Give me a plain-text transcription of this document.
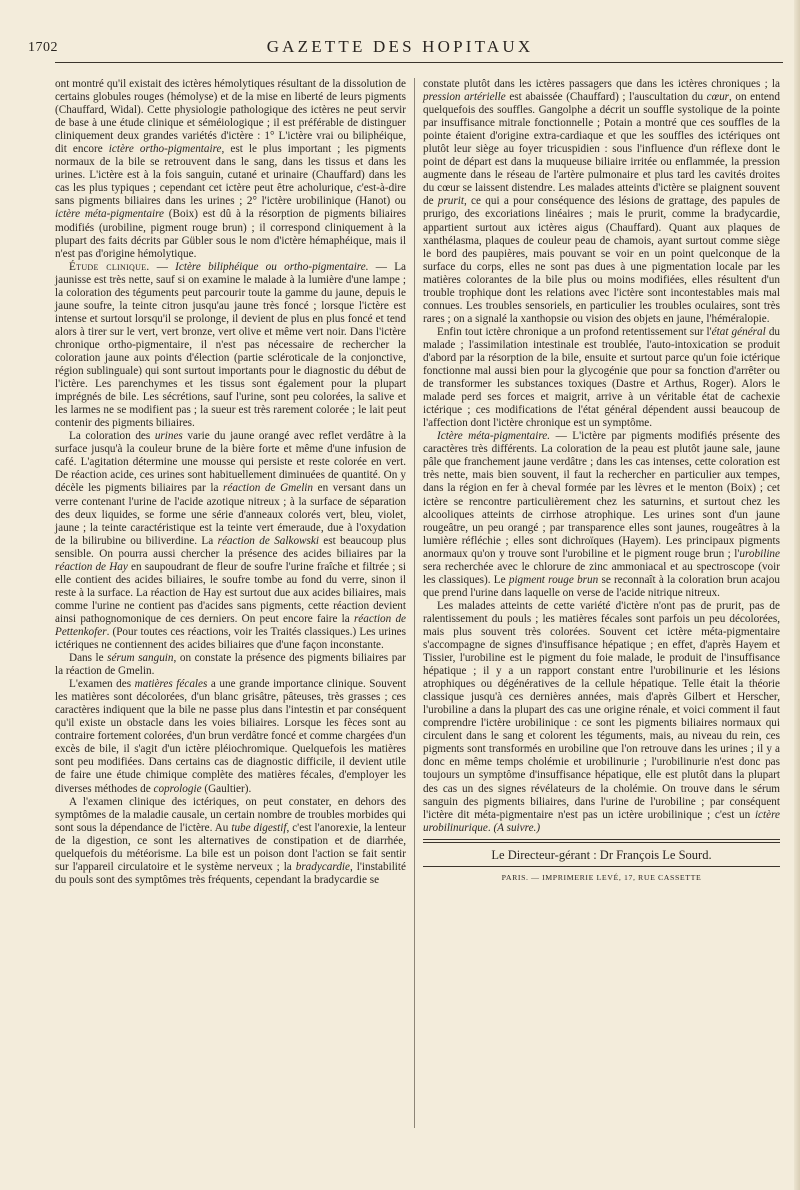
1702	GAZETTE DES HOPITAUX

ont montré qu'il existait des ictères hémolytiques résultant de la dissolution de certains globules rouges (hémolyse) et de la mise en liberté de leurs pigments (Chauffard, Widal). Cette physiologie pathologique des ictères ne peut servir de base à une étude clinique et séméiologique ; il est préférable de distinguer cliniquement deux grandes variétés d'ictère : 1° L'ictère vrai ou biliphéique, dit encore ictère ortho-pigmentaire, est le plus important ; les pigments normaux de la bile se retrouvent dans le sang, dans les tissus et dans les urines. L'ictère est à la fois sanguin, cutané et urinaire (Chauffard) dans les cas les plus typiques ; cependant cet ictère peut être acholurique, c'est-à-dire sans pigments biliaires dans les urines ; 2° l'ictère urobilinique (Hanot) ou ictère méta-pigmentaire (Boix) est dû à la résorption de pigments biliaires modifiés (urobiline, pigment rouge brun) ; il correspond cliniquement à la plupart des faits décrits par Gübler sous le nom d'ictère hémaphéique, mais il n'est pas d'origine hémolytique.

Étude clinique. — Ictère biliphéique ou ortho-pigmentaire. — La jaunisse est très nette, sauf si on examine le malade à la lumière d'une lampe ; la coloration des téguments peut parcourir toute la gamme du jaune, depuis le jaune soufre, la teinte citron jusqu'au jaune très foncé ; lorsque l'ictère est intense et surtout lorsqu'il se prolonge, il devient de plus en plus foncé et tend alors à tirer sur le vert, vert bronze, vert olive et même vert noir. Dans l'ictère chronique ortho-pigmentaire, il n'est pas nécessaire de rechercher la coloration jaune aux points d'élection (partie scléroticale de la conjonctive, région sublinguale) qui sont surtout importants pour le diagnostic du début de l'ictère. Les parenchymes et les tissus sont également pour la plupart imprégnés de bile. Les sécrétions, sauf l'urine, sont peu colorées, la salive et les larmes ne se modifient pas ; la sueur est très rarement colorée ; le lait peut contenir des pigments biliaires.

La coloration des urines varie du jaune orangé avec reflet verdâtre à la surface jusqu'à la couleur brune de la bière forte et même d'une infusion de café. L'agitation détermine une mousse qui persiste et reste colorée en vert. De réaction acide, ces urines sont habituellement diminuées de quantité. On y décèle les pigments biliaires par la réaction de Gmelin en versant dans un verre contenant l'urine de l'acide azotique nitreux ; à la surface de séparation des deux liquides, se forme une série d'anneaux colorés vert, bleu, violet, jaune ; la teinte caractéristique est la teinte vert émeraude, due à l'oxydation de la bilirubine ou biliverdine. La réaction de Salkowski est beaucoup plus sensible. On pourra aussi chercher la présence des acides biliaires par la réaction de Hay en saupoudrant de fleur de soufre l'urine fraîche et filtrée ; si elle contient des acides biliaires, le soufre tombe au fond du verre, sinon il reste à la surface. La réaction de Hay est surtout due aux acides biliaires, mais comme l'urine ne contient pas d'acides sans pigments, cette réaction devient ainsi pathognomonique de ces derniers. On peut encore faire la réaction de Pettenkofer. (Pour toutes ces réactions, voir les Traités classiques.) Les urines ictériques ne contiennent des acides biliaires que d'une façon inconstante.

Dans le sérum sanguin, on constate la présence des pigments biliaires par la réaction de Gmelin.

L'examen des matières fécales a une grande importance clinique. Souvent les matières sont décolorées, d'un blanc grisâtre, pâteuses, très grasses ; ces caractères indiquent que la bile ne passe plus dans l'intestin et par conséquent qu'il existe un obstacle dans les voies biliaires. Lorsque les fèces sont au contraire fortement colorées, d'un brun verdâtre foncé et comme chargées d'un excès de bile, il s'agit d'un ictère pléiochromique. Quelquefois les matières sont peu modifiées. Dans certains cas de diagnostic difficile, il devient utile de faire une étude chimique complète des matières fécales, d'employer les diverses méthodes de coprologie (Gaultier).

A l'examen clinique des ictériques, on peut constater, en dehors des symptômes de la maladie causale, un certain nombre de troubles morbides qui sont sous la dépendance de l'ictère. Au tube digestif, c'est l'anorexie, la lenteur de la digestion, ce sont les alternatives de constipation et de diarrhée, quelquefois du météorisme. La bile est un poison dont l'action se fait sentir sur l'appareil circulatoire et le système nerveux ; la bradycardie, l'instabilité du pouls sont des symptômes très fréquents, cependant la bradycardie se

constate plutôt dans les ictères passagers que dans les ictères chroniques ; la pression artérielle est abaissée (Chauffard) ; l'auscultation du cœur, on entend quelquefois des souffles. Gangolphe a décrit un souffle systolique de la pointe par insuffisance mitrale fonctionnelle ; Potain a montré que ces souffles de la pointe étaient d'origine extra-cardiaque et que les souffles des ictériques ont plutôt leur siège au foyer tricuspidien : sous l'influence d'un réflexe dont le point de départ est dans la muqueuse biliaire irritée ou enflammée, la pression augmente dans le réseau de l'artère pulmonaire et plus tard les cavités droites du cœur se laissent distendre. Les malades atteints d'ictère se plaignent souvent de prurit, ce qui a pour conséquence des lésions de grattage, des papules de prurigo, des excoriations linéaires ; mais le prurit, comme la bradycardie, appartient surtout aux ictères aigus (Chauffard). Quant aux plaques de xanthélasma, plaques de couleur peau de chamois, ayant surtout comme siège le bord des paupières, mais pouvant se voir en un point quelconque de la surface du corps, elles ne sont pas dues à une pigmentation locale par les matières colorantes de la bile plus ou moins modifiées, elles résultent d'un trouble trophique dont les relations avec l'ictère sont incontestables mais mal connues. Les troubles sensoriels, en particulier les troubles oculaires, sont très rares ; on a signalé la xanthopsie ou vision des objets en jaune, l'héméralopie.

Enfin tout ictère chronique a un profond retentissement sur l'état général du malade ; l'assimilation intestinale est troublée, l'auto-intoxication se produit d'abord par la résorption de la bile, ensuite et surtout parce qu'un foie ictérique fonctionne mal aussi bien pour la glycogénie que pour sa fonction d'arrêter ou de transformer les substances toxiques (Dastre et Arthus, Roger). Alors le malade perd ses forces et maigrit, arrive à un véritable état de cachexie ictérique ; ces modifications de l'état général dépendent aussi beaucoup de l'affection dont l'ictère chronique est un symptôme.

Ictère méta-pigmentaire. — L'ictère par pigments modifiés présente des caractères très différents. La coloration de la peau est plutôt jaune sale, jaune pâle que franchement jaune verdâtre ; dans les cas intenses, cette coloration est très nette, mais bien souvent, il faut la rechercher en particulier aux tempes, dans la région en fer à cheval formée par les lèvres et le menton (Boix) ; cet ictère se rencontre particulièrement chez les saturnins, et surtout chez les alcooliques atteints de cirrhose atrophique. Les urines sont d'un jaune rougeâtre, un peu orangé ; par transparence elles sont jaunes, rougeâtres à la lumière réfléchie ; elles sont dichroïques (Hayem). Les principaux pigments anormaux qu'on y trouve sont l'urobiline et le pigment rouge brun ; l'urobiline sera recherchée avec le chlorure de zinc ammoniacal et au spectroscope (voir les classiques). Le pigment rouge brun se reconnaît à la coloration brun acajou que prend l'urine dans laquelle on verse de l'acide nitrique nitreux.

Les malades atteints de cette variété d'ictère n'ont pas de prurit, pas de ralentissement du pouls ; les matières fécales sont parfois un peu décolorées, mais plus souvent très colorées. Souvent cet ictère méta-pigmentaire s'accompagne de signes d'insuffisance hépatique ; en effet, d'après Hayem et Tissier, l'urobiline est le pigment du foie malade, le produit de l'insuffisance hépatique ; il y a un rapport constant entre l'urobilinurie et les lésions atrophiques ou dégénératives de la cellule hépatique. Telle était la théorie classique jusqu'à ces dernières années, mais d'après Gilbert et Herscher, l'urobiline a dans la plupart des cas une origine rénale, et voici comment il faut comprendre l'ictère urobilinique : ce sont les pigments biliaires normaux qui circulent dans le sang et colorent les téguments, mais, au niveau du rein, ces pigments sont transformés en urobiline que l'on retrouve dans les urines ; il y a donc en même temps cholémie et urobilinurie ; l'urobilinurie n'est donc pas toujours un symptôme d'insuffisance hépatique, elle est plutôt dans la plupart des cas un des signes révélateurs de la cholémie. On trouve dans le sérum sanguin des pigments biliaires, dans l'urine de l'urobiline ; par conséquent l'ictère dit méta-pigmentaire n'est pas un ictère urobilinique ; c'est un ictère urobilinurique. (A suivre.)

Le Directeur-gérant : Dr François Le Sourd.
PARIS. — IMPRIMERIE LEVÉ, 17, RUE CASSETTE
